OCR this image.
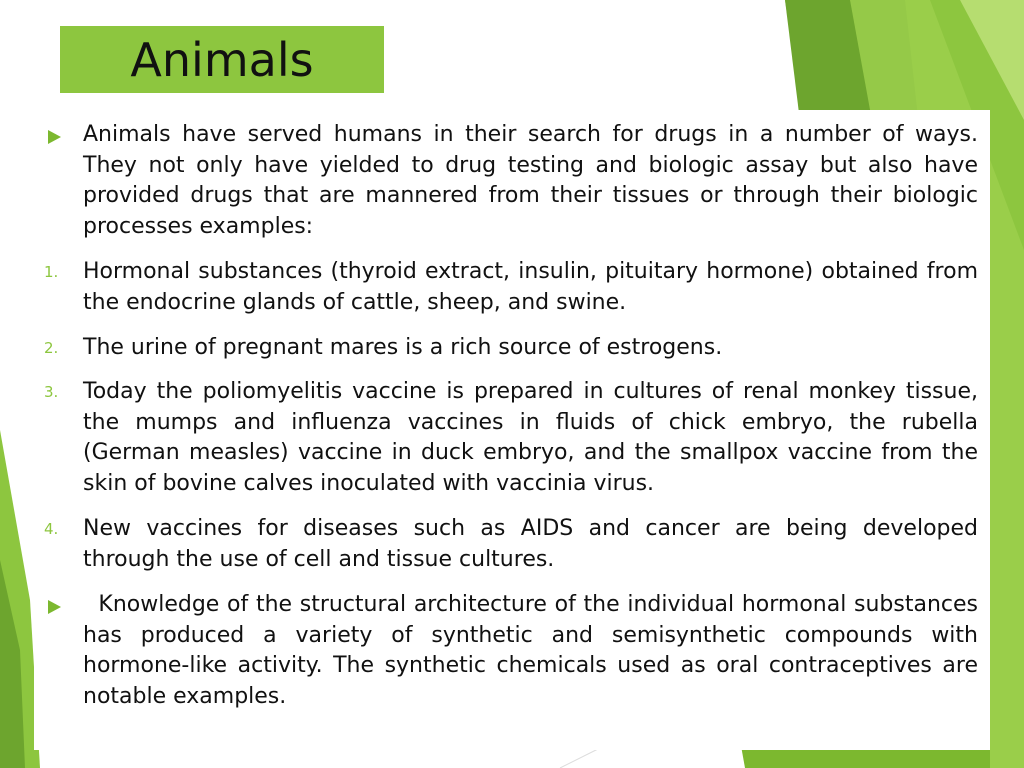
Animals
Animals have served humans in their search for drugs in a number of ways. They not only have yielded to drug testing and biologic assay but also have provided drugs that are mannered from their tissues or through their biologic processes examples:
1. Hormonal substances (thyroid extract, insulin, pituitary hormone) obtained from the endocrine glands of cattle, sheep, and swine.
2. The urine of pregnant mares is a rich source of estrogens.
3. Today the poliomyelitis vaccine is prepared in cultures of renal monkey tissue, the mumps and influenza vaccines in fluids of chick embryo, the rubella (German measles) vaccine in duck embryo, and the smallpox vaccine from the skin of bovine calves inoculated with vaccinia virus.
4. New vaccines for diseases such as AIDS and cancer are being developed through the use of cell and tissue cultures.
Knowledge of the structural architecture of the individual hormonal substances has produced a variety of synthetic and semisynthetic compounds with hormone-like activity. The synthetic chemicals used as oral contraceptives are notable examples.
